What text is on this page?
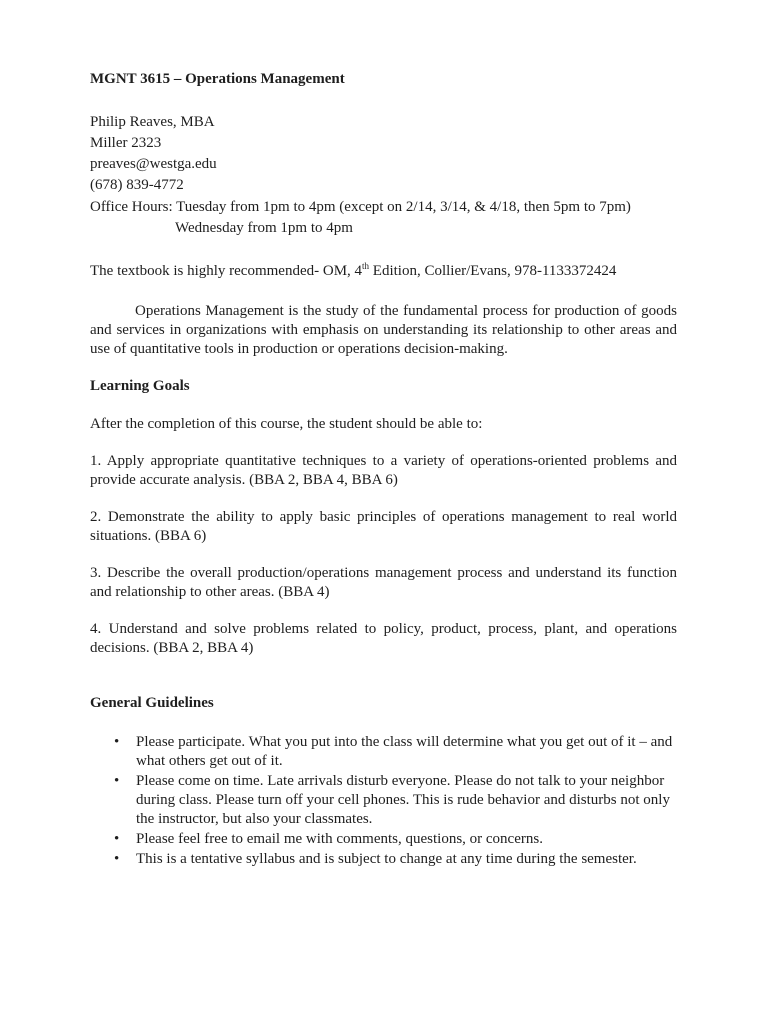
MGNT 3615 – Operations Management
Philip Reaves, MBA
Miller 2323
preaves@westga.edu
(678) 839-4772
Office Hours: Tuesday from 1pm to 4pm (except on 2/14, 3/14, & 4/18, then 5pm to 7pm)
Wednesday from 1pm to 4pm
The textbook is highly recommended- OM, 4th Edition, Collier/Evans, 978-1133372424
Operations Management is the study of the fundamental process for production of goods and services in organizations with emphasis on understanding its relationship to other areas and use of quantitative tools in production or operations decision-making.
Learning Goals
After the completion of this course, the student should be able to:
1. Apply appropriate quantitative techniques to a variety of operations-oriented problems and provide accurate analysis. (BBA 2, BBA 4, BBA 6)
2. Demonstrate the ability to apply basic principles of operations management to real world situations. (BBA 6)
3. Describe the overall production/operations management process and understand its function and relationship to other areas. (BBA 4)
4. Understand and solve problems related to policy, product, process, plant, and operations decisions. (BBA 2, BBA 4)
General Guidelines
• Please participate. What you put into the class will determine what you get out of it – and what others get out of it.
• Please come on time. Late arrivals disturb everyone. Please do not talk to your neighbor during class. Please turn off your cell phones. This is rude behavior and disturbs not only the instructor, but also your classmates.
• Please feel free to email me with comments, questions, or concerns.
• This is a tentative syllabus and is subject to change at any time during the semester.
